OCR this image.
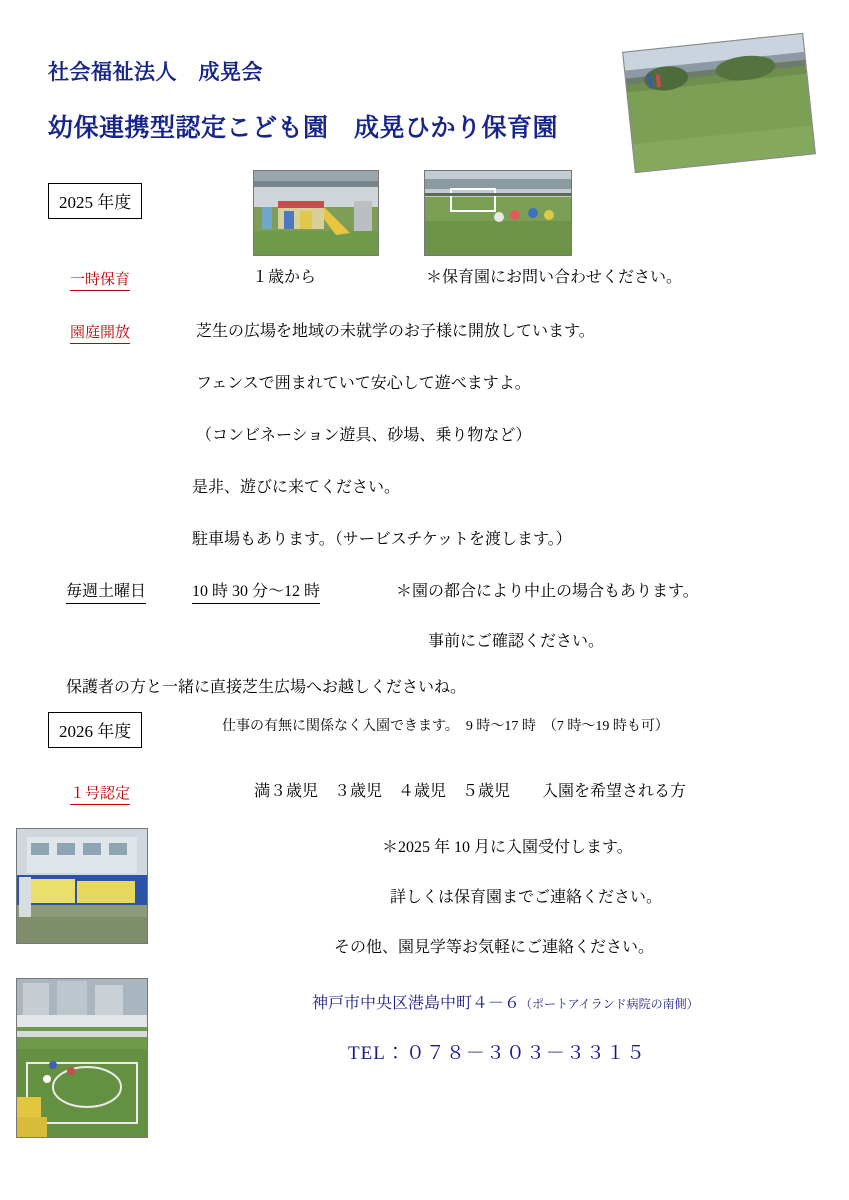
社会福祉法人　成晃会
幼保連携型認定こども園　成晃ひかり保育園
2025 年度
一時保育	１歳から	＊保育園にお問い合わせください。
園庭開放	芝生の広場を地域の未就学のお子様に開放しています。
フェンスで囲まれていて安心して遊べますよ。
（コンビネーション遊具、砂場、乗り物など）
是非、遊びに来てください。
駐車場もあります。（サービスチケットを渡します。）
毎週土曜日	10 時 30 分〜12 時	＊園の都合により中止の場合もあります。
事前にご確認ください。
保護者の方と一緒に直接芝生広場へお越しくださいね。
2026 年度	仕事の有無に関係なく入園できます。　9 時〜17 時　（7 時〜19 時も可）
１号認定	満３歳児　３歳児　４歳児　５歳児　　入園を希望される方
＊2025 年 10 月に入園受付します。
詳しくは保育園までご連絡ください。
その他、園見学等お気軽にご連絡ください。
神戸市中央区港島中町４－６（ポートアイランド病院の南側）
TEL：０７８－３０３－３３１５
